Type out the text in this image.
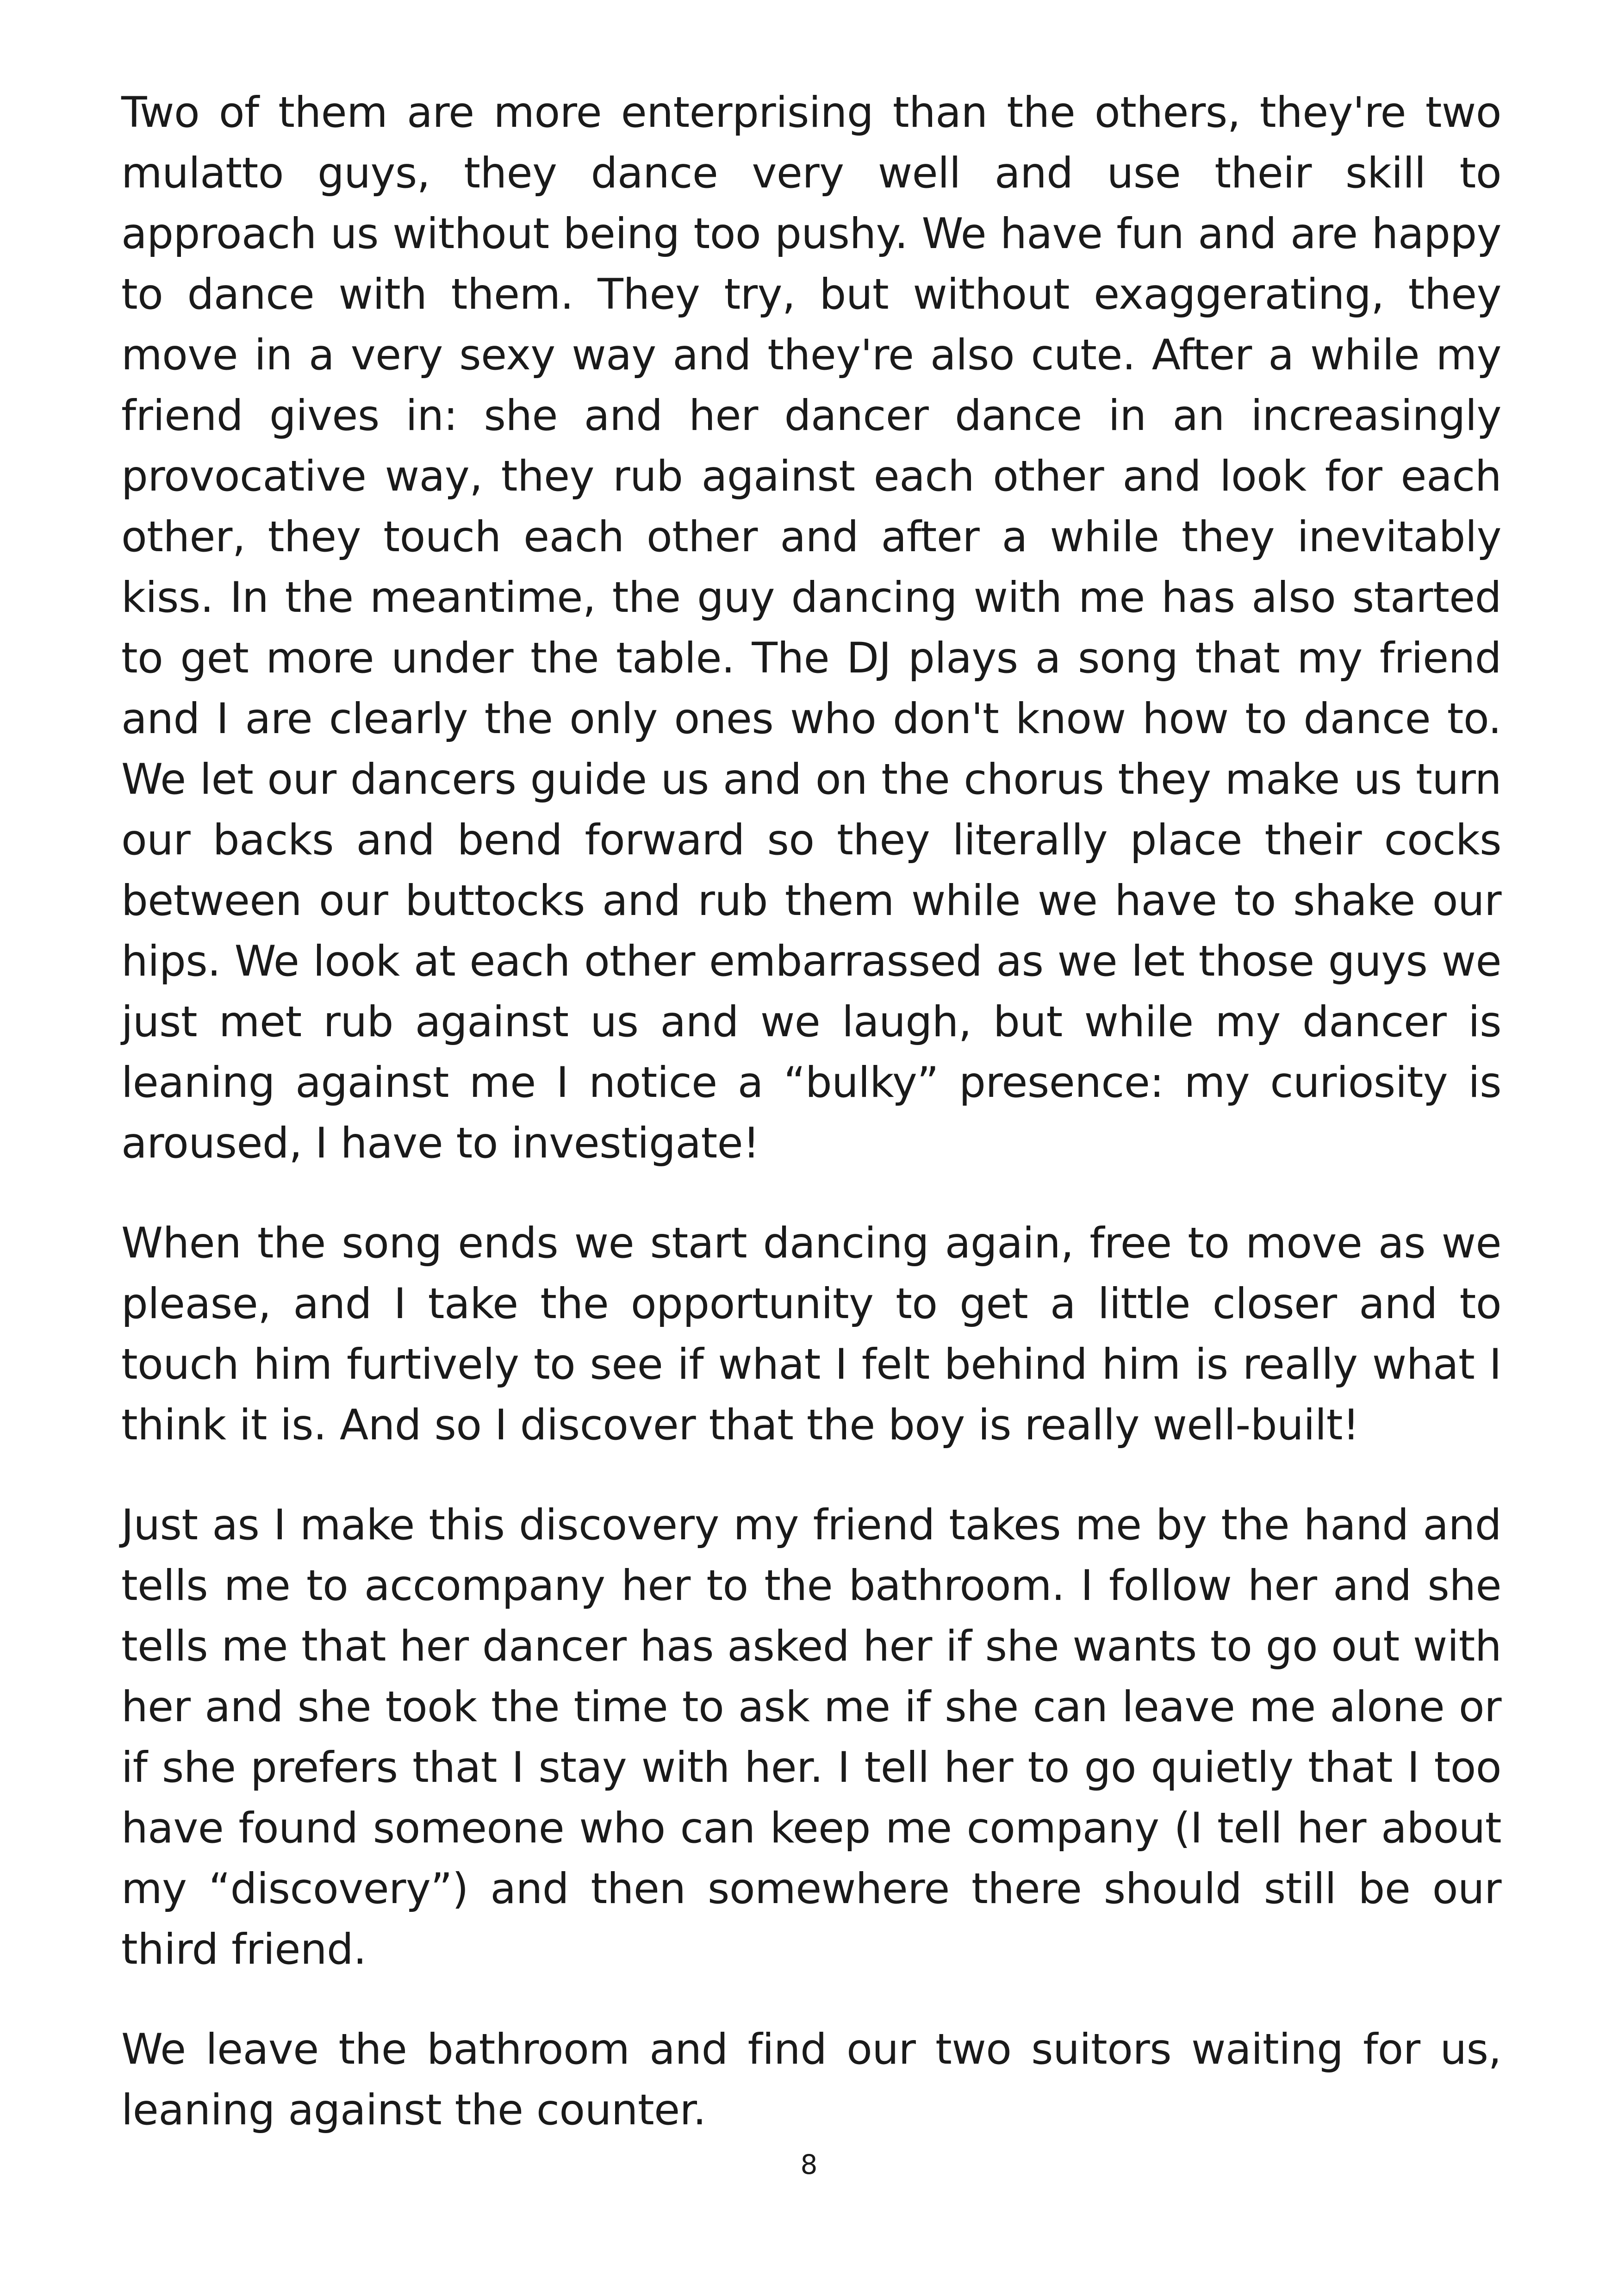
Two of them are more enterprising than the others, they're two mulatto guys, they dance very well and use their skill to approach us without being too pushy. We have fun and are happy to dance with them. They try, but without exaggerating, they move in a very sexy way and they're also cute. After a while my friend gives in: she and her dancer dance in an increasingly provocative way, they rub against each other and look for each other, they touch each other and after a while they inevitably kiss. In the meantime, the guy dancing with me has also started to get more under the table. The DJ plays a song that my friend and I are clearly the only ones who don't know how to dance to. We let our dancers guide us and on the chorus they make us turn our backs and bend forward so they literally place their cocks between our buttocks and rub them while we have to shake our hips. We look at each other embarrassed as we let those guys we just met rub against us and we laugh, but while my dancer is leaning against me I notice a “bulky” presence: my curiosity is aroused, I have to investigate!

When the song ends we start dancing again, free to move as we please, and I take the opportunity to get a little closer and to touch him furtively to see if what I felt behind him is really what I think it is. And so I discover that the boy is really well-built!

Just as I make this discovery my friend takes me by the hand and tells me to accompany her to the bathroom. I follow her and she tells me that her dancer has asked her if she wants to go out with her and she took the time to ask me if she can leave me alone or if she prefers that I stay with her. I tell her to go quietly that I too have found someone who can keep me company (I tell her about my “discovery”) and then somewhere there should still be our third friend.

We leave the bathroom and find our two suitors waiting for us, leaning against the counter.

8
